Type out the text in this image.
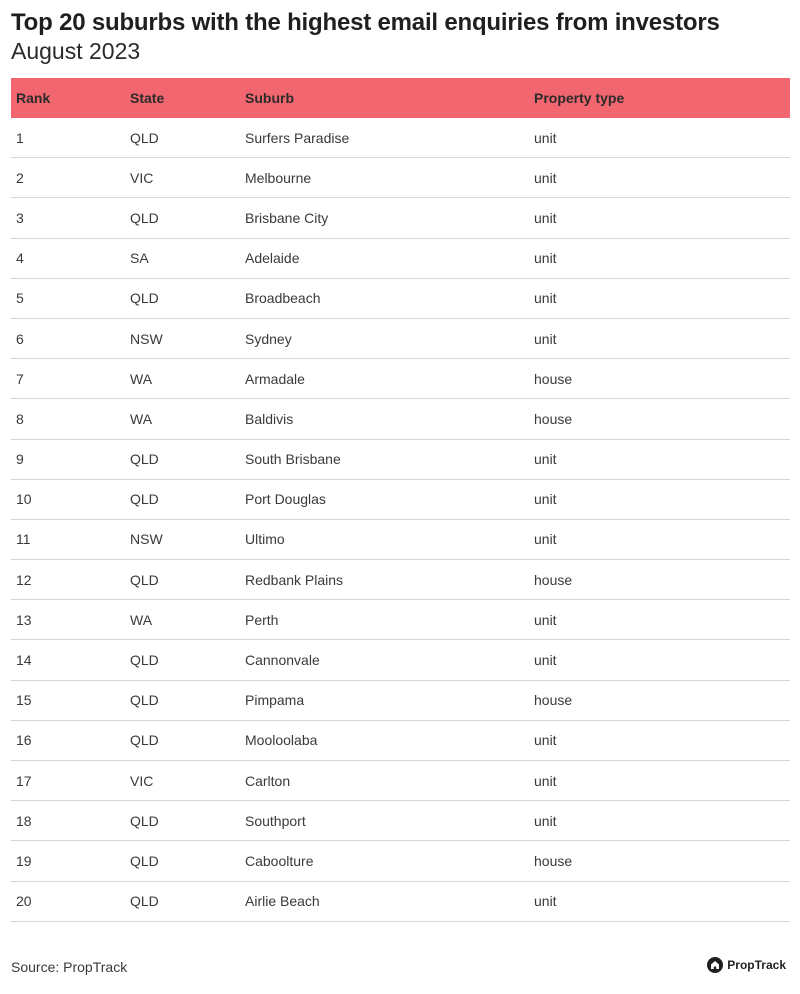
Top 20 suburbs with the highest email enquiries from investors
August 2023
Rank	State	Suburb	Property type
1	QLD	Surfers Paradise	unit
2	VIC	Melbourne	unit
3	QLD	Brisbane City	unit
4	SA	Adelaide	unit
5	QLD	Broadbeach	unit
6	NSW	Sydney	unit
7	WA	Armadale	house
8	WA	Baldivis	house
9	QLD	South Brisbane	unit
10	QLD	Port Douglas	unit
11	NSW	Ultimo	unit
12	QLD	Redbank Plains	house
13	WA	Perth	unit
14	QLD	Cannonvale	unit
15	QLD	Pimpama	house
16	QLD	Mooloolaba	unit
17	VIC	Carlton	unit
18	QLD	Southport	unit
19	QLD	Caboolture	house
20	QLD	Airlie Beach	unit
Source: PropTrack	PropTrack
